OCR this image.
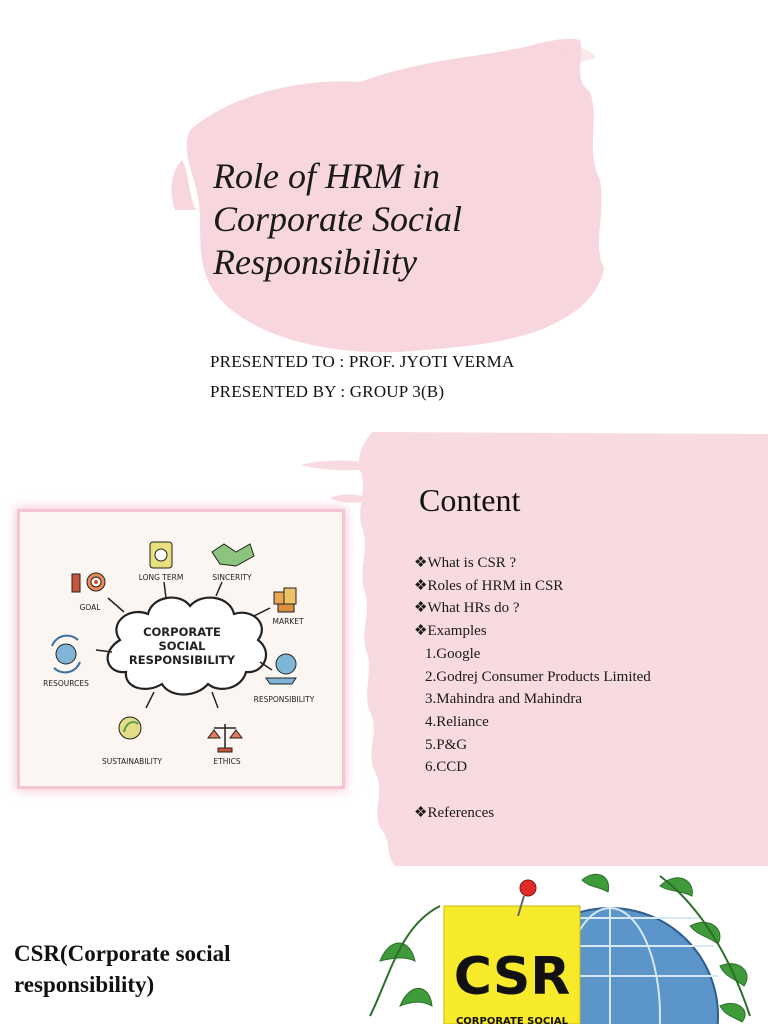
Role of HRM in Corporate Social Responsibility
PRESENTED TO : PROF. JYOTI VERMA
PRESENTED BY : GROUP 3(B)
CORPORATE
SOCIAL
RESPONSIBILITY
GOAL
LONG TERM	SINCERITY
MARKET
RESPONSIBILITY
ETHICS
SUSTAINABILITY
RESOURCES
Content
❖What is CSR ?
❖Roles of HRM in CSR
❖What HRs do ?
❖Examples
1.Google
2.Godrej Consumer Products Limited
3.Mahindra and Mahindra
4.Reliance
5.P&G
6.CCD
❖References
CSR(Corporate social responsibility)	CSR
CORPORATE SOCIAL
